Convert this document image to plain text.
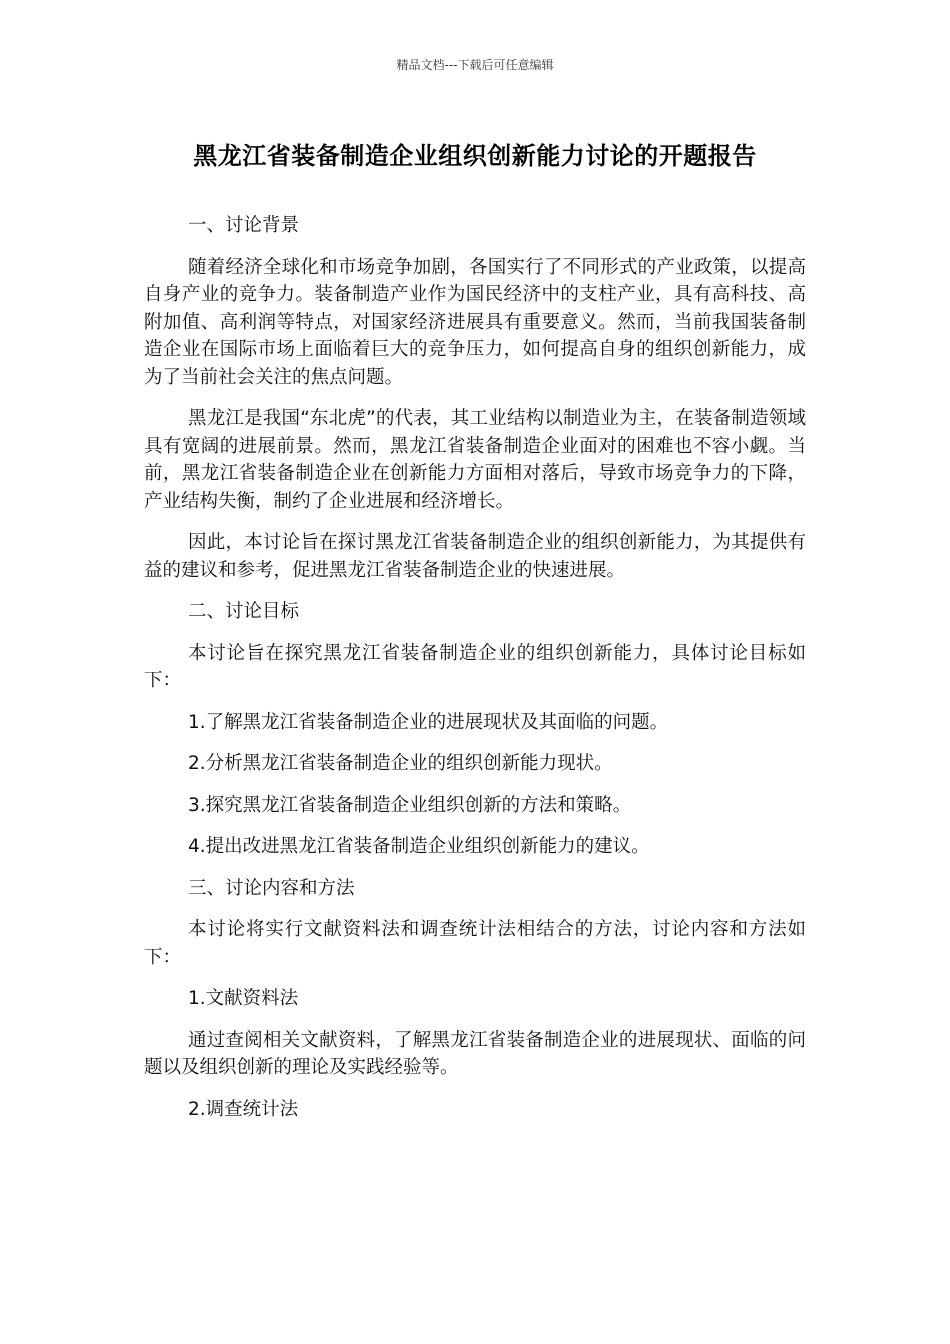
精品文档---下载后可任意编辑
黑龙江省装备制造企业组织创新能力讨论的开题报告

一、讨论背景

随着经济全球化和市场竞争加剧，各国实行了不同形式的产业政策，以提高自身产业的竞争力。装备制造产业作为国民经济中的支柱产业，具有高科技、高附加值、高利润等特点，对国家经济进展具有重要意义。然而，当前我国装备制造企业在国际市场上面临着巨大的竞争压力，如何提高自身的组织创新能力，成为了当前社会关注的焦点问题。

黑龙江是我国“东北虎”的代表，其工业结构以制造业为主，在装备制造领域具有宽阔的进展前景。然而，黑龙江省装备制造企业面对的困难也不容小觑。当前，黑龙江省装备制造企业在创新能力方面相对落后，导致市场竞争力的下降，产业结构失衡，制约了企业进展和经济增长。

因此，本讨论旨在探讨黑龙江省装备制造企业的组织创新能力，为其提供有益的建议和参考，促进黑龙江省装备制造企业的快速进展。

二、讨论目标

本讨论旨在探究黑龙江省装备制造企业的组织创新能力，具体讨论目标如下：

1.了解黑龙江省装备制造企业的进展现状及其面临的问题。

2.分析黑龙江省装备制造企业的组织创新能力现状。

3.探究黑龙江省装备制造企业组织创新的方法和策略。

4.提出改进黑龙江省装备制造企业组织创新能力的建议。

三、讨论内容和方法

本讨论将实行文献资料法和调查统计法相结合的方法，讨论内容和方法如下：

1.文献资料法

通过查阅相关文献资料，了解黑龙江省装备制造企业的进展现状、面临的问题以及组织创新的理论及实践经验等。

2.调查统计法
